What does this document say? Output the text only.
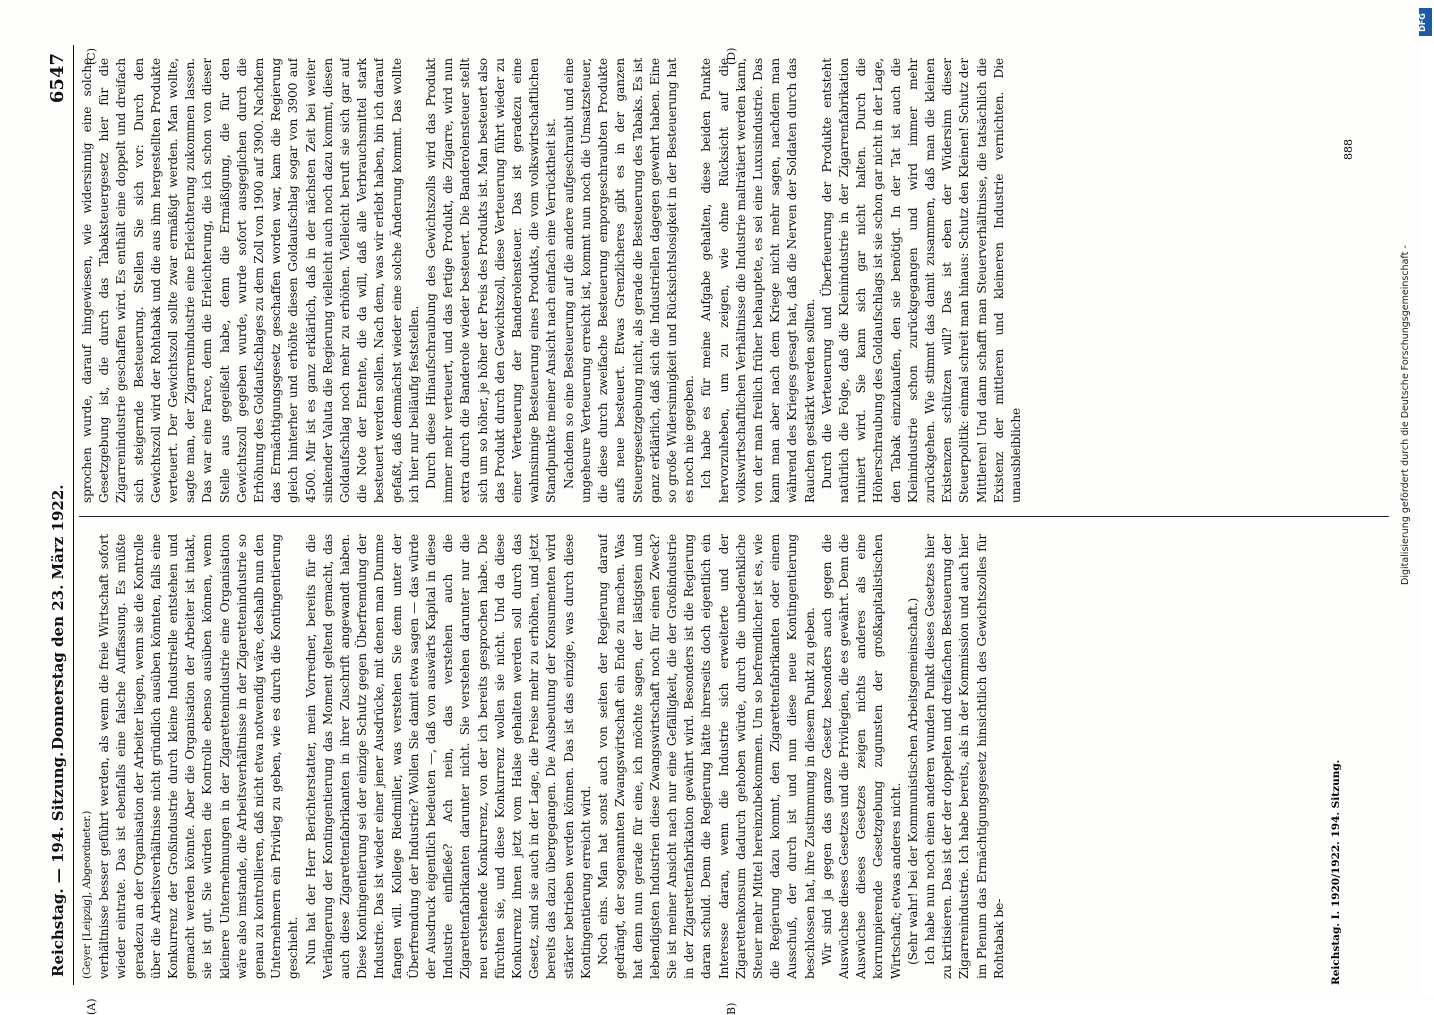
Reichstag. — 194. Sitzung.
Donnerstag den 23. März 1922.
6547

(Geyer [Leipzig], Abgeordneter.) verhältnisse besser geführt werden, als wenn die freie Wirtschaft sofort wieder eintrate. Das ist ebenfalls eine falsche Auffassung. Es müßte geradezu an der Organisation der Arbeiter liegen, wenn sie die Kontrolle über die Arbeitsverhältnisse nicht gründlich ausüben könnten, falls eine Konkurrenz der Großindustrie durch kleine Industrielle entstehen und gemacht werden könnte. Aber die Organisation der Arbeiter ist intakt, sie ist gut. Sie würden die Kontrolle ebenso ausüben können, wenn kleinere Unternehmungen in der Zigarettenindustrie eine Organisation wäre also imstande, die Arbeitsverhältnisse in der Zigarettenindustrie so genau zu kontrollieren, daß nicht etwa notwendig wäre, deshalb nun den Unternehmern ein Privileg zu geben, wie es durch die Kontingentierung geschieht. Nun hat der Herr Berichterstatter, mein Vorredner, bereits für die Verlängerung der Kontingentierung das Moment geltend gemacht, das auch diese Zigarettenfabrikanten in ihrer Zuschrift angewandt haben. Diese Kontingentierung sei der einzige Schutz gegen Überfremdung der Industrie. Das ist wieder einer jener Ausdrücke, mit denen man Dumme fangen will. Kollege Riedmiller, was verstehen Sie denn unter der Überfremdung der Industrie? Wollen Sie damit etwa sagen — das würde der Ausdruck eigentlich bedeuten —, daß von auswärts Kapital in diese Industrie einfließe? Ach nein, das verstehen auch die Zigarettenfabrikanten darunter nicht. Sie verstehen darunter nur die neu erstehende Konkurrenz, von der ich bereits gesprochen habe. Die fürchten sie, und diese Konkurrenz wollen sie nicht. Und da diese Konkurrenz ihnen jetzt vom Halse gehalten werden soll durch das Gesetz, sind sie auch in der Lage, die Preise mehr zu erhöhen, und jetzt bereits das dazu übergegangen. Die Ausbeutung der Konsumenten wird stärker betrieben werden können. Das ist das einzige, was durch diese Kontingentierung erreicht wird. Noch eins. Man hat sonst auch von seiten der Regierung darauf gedrängt, der sogenannten Zwangswirtschaft ein Ende zu machen. Was hat denn nun gerade für eine, ich möchte sagen, der lästigsten und lebendigsten Industrien diese Zwangswirtschaft noch für einen Zweck? Sie ist meiner Ansicht nach nur eine Gefälligkeit, die der Großindustrie in der Zigarettenfabrikation gewährt wird. Besonders ist die Regierung daran schuld. Denn die Regierung hätte ihrerseits doch eigentlich ein Interesse daran, wenn die Industrie sich erweiterte und der Zigarettenkonsum dadurch gehoben würde, durch die unbedenkliche Steuer mehr Mittel hereinzubekommen. Um so befremdlicher ist es, wie die Regierung dazu kommt, den Zigarettenfabrikanten oder einem Ausschuß, der durch ist und nun diese neue Kontingentierung beschlossen hat, ihre Zustimmung in diesem Punkt zu geben. Wir sind ja gegen das ganze Gesetz besonders auch gegen die Auswüchse dieses Gesetzes und die Privilegien, die es gewährt. Denn die Auswüchse dieses Gesetzes zeigen nichts anderes als eine korrumpierende Gesetzgebung zugunsten der großkapitalistischen Wirtschaft; etwas anderes nicht. (Sehr wahr! bei der Kommunistischen Arbeitsgemeinschaft.) Ich habe nun noch einen anderen wunden Punkt dieses Gesetzes hier zu kritisieren. Das ist der der doppelten und dreifachen Besteuerung der Zigarrenindustrie. Ich habe bereits, als in der Kommission und auch hier im Plenum das Ermächtigungsgesetz hinsichtlich des Gewichtszolles für Rohtabak be-

sprochen wurde, darauf hingewiesen, wie widersinnig eine solche Gesetzgebung ist, die durch das Tabaksteuergesetz hier für die Zigarrenindustrie geschaffen wird. Es enthält eine doppelt und dreifach sich steigernde Besteuerung. Stellen Sie sich vor: Durch den Gewichtszoll wird der Rohtabak und die aus ihm hergestellten Produkte verteuert. Der Gewichtszoll sollte zwar ermäßigt werden. Man wollte, sagte man, der Zigarrenindustrie eine Erleichterung zukommen lassen. Das war eine Farce, denn die Erleichterung, die ich schon von dieser Stelle aus gegeißelt habe, denn die Ermäßigung, die für den Gewichtszoll gegeben wurde, wurde sofort ausgeglichen durch die Erhöhung des Goldaufschlages zu dem Zoll von 1900 auf 3900. Nachdem das Ermächtigungsgesetz geschaffen worden war, kam die Regierung gleich hinterher und erhöhte diesen Goldaufschlag sogar von 3900 auf 4500. Mir ist es ganz erklärlich, daß in der nächsten Zeit bei weiter sinkender Valuta die Regierung vielleicht auch noch dazu kommt, diesen Goldaufschlag noch mehr zu erhöhen. Vielleicht beruft sie sich gar auf die Note der Entente, die da will, daß alle Verbrauchsmittel stark besteuert werden sollen. Nach dem, was wir erlebt haben, bin ich darauf gefaßt, daß demnächst wieder eine solche Änderung kommt. Das wollte ich hier nur beiläufig feststellen. Durch diese Hinaufschraubung des Gewichtszolls wird das Produkt immer mehr verteuert, und das fertige Produkt, die Zigarre, wird nun extra durch die Banderole wieder besteuert. Die Banderolensteuer stellt sich um so höher, je höher der Preis des Produkts ist. Man besteuert also das Produkt durch den Gewichtszoll, diese Verteuerung führt wieder zu einer Verteuerung der Banderolensteuer. Das ist geradezu eine wahnsinnige Besteuerung eines Produkts, die vom volkswirtschaftlichen Standpunkte meiner Ansicht nach einfach eine Verrücktheit ist. Nachdem so eine Besteuerung auf die andere aufgeschraubt und eine ungeheure Verteuerung erreicht ist, kommt nun noch die Umsatzsteuer, die diese durch zweifache Besteuerung emporgeschraubten Produkte aufs neue besteuert. Etwas Grenzlicheres gibt es in der ganzen Steuergesetzgebung nicht, als gerade die Besteuerung des Tabaks. Es ist ganz erklärlich, daß sich die Industriellen dagegen gewehrt haben. Eine so große Widersinnigkeit und Rücksichtslosigkeit in der Besteuerung hat es noch nie gegeben. Ich habe es für meine Aufgabe gehalten, diese beiden Punkte hervorzuheben, um zu zeigen, wie ohne Rücksicht auf die volkswirtschaftlichen Verhältnisse die Industrie malträtiert werden kann, von der man freilich früher behauptete, es sei eine Luxusindustrie. Das kann man aber nach dem Kriege nicht mehr sagen, nachdem man während des Krieges gesagt hat, daß die Nerven der Soldaten durch das Rauchen gestärkt werden sollten. Durch die Verteuerung und Überfeuerung der Produkte entsteht natürlich die Folge, daß die Kleinindustrie in der Zigarrenfabrikation ruiniert wird. Sie kann sich gar nicht halten. Durch die Höherschraubung des Goldaufschlags ist sie schon gar nicht in der Lage, den Tabak einzukaufen, den sie benötigt. In der Tat ist auch die Kleinindustrie schon zurückgegangen und wird immer mehr zurückgehen. Wie stimmt das damit zusammen, daß man die kleinen Existenzen schützen will? Das ist eben der Widersinn dieser Steuerpolitik: einmal schreit man hinaus: Schutz den Kleinen! Schutz der Mittleren! Und dann schafft man Steuerverhältnisse, die tatsächlich die Existenz der mittleren und kleineren Industrie vernichten. Die unausbleibliche

(A)	B)
(C)	(D)
Digitalisierung gefördert durch die Deutsche Forschungsgemeinschaft -
DFG
Reichstag. I. 1920/1922. 194. Sitzung.
888
